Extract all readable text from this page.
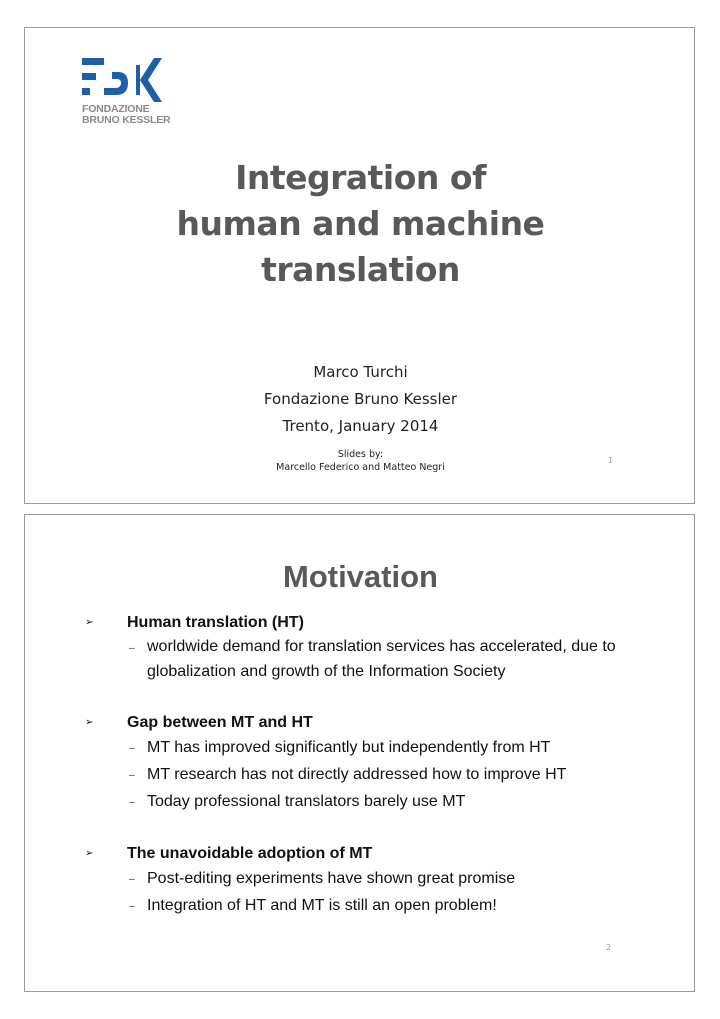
FONDAZIONE
BRUNO KESSLER
Integration of
human and machine
translation
Marco Turchi
Fondazione Bruno Kessler
Trento, January 2014
Slides by:
Marcello Federico and Matteo Negri
1
Motivation
➢ Human translation (HT)
– worldwide demand for translation services has accelerated, due to globalization and growth of the Information Society
➢ Gap between MT and HT
– MT has improved significantly but independently from HT
– MT research has not directly addressed how to improve HT
– Today professional translators barely use MT
➢ The unavoidable adoption of MT
– Post-editing experiments have shown great promise
– Integration of HT and MT is still an open problem!
2
